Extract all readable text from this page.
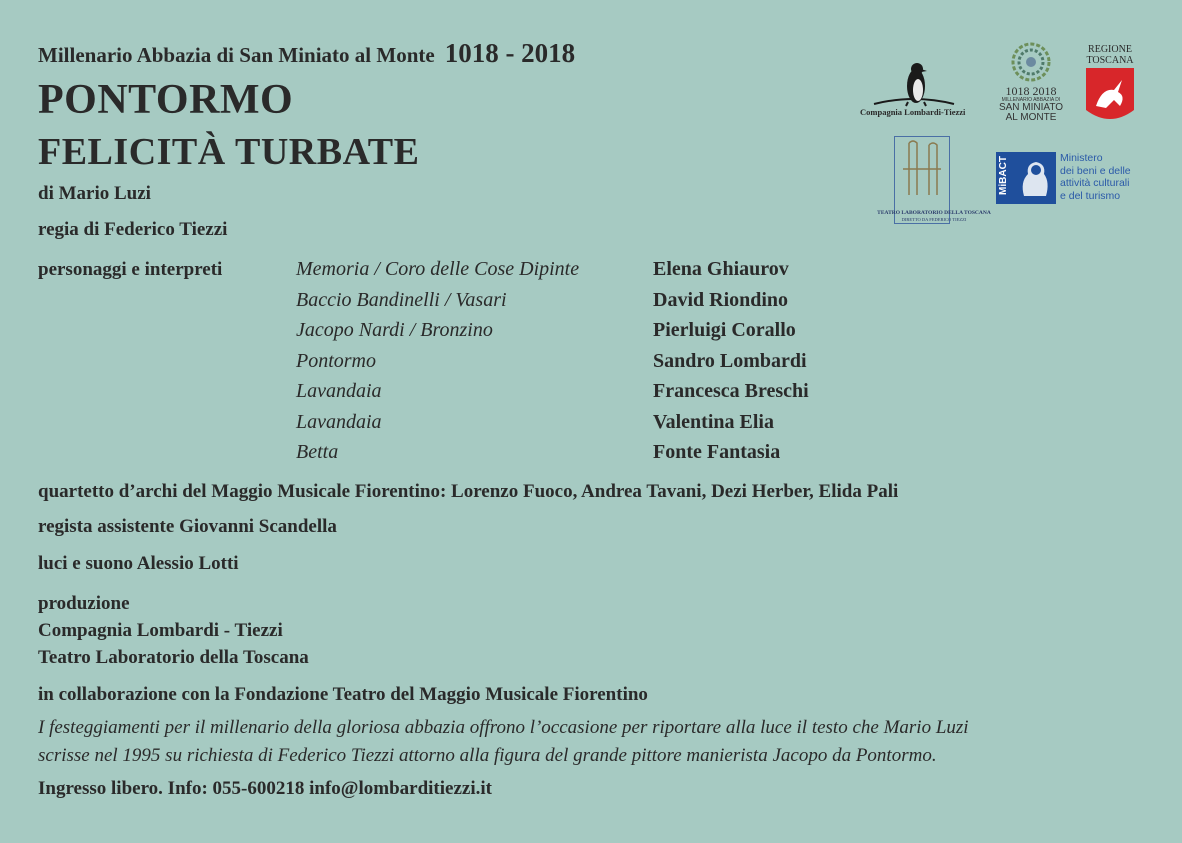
Millenario Abbazia di San Miniato al Monte 1018 - 2018
PONTORMO
FELICITÀ TURBATE
di Mario Luzi
regia di Federico Tiezzi
personaggi e interpreti	Memoria / Coro delle Cose Dipinte	Elena Ghiaurov
Baccio Bandinelli / Vasari	David Riondino
Jacopo Nardi / Bronzino	Pierluigi Corallo
Pontormo	Sandro Lombardi
Lavandaia	Francesca Breschi
Lavandaia	Valentina Elia
Betta	Fonte Fantasia
quartetto d’archi del Maggio Musicale Fiorentino: Lorenzo Fuoco, Andrea Tavani, Dezi Herber, Elida Pali
regista assistente Giovanni Scandella
luci e suono Alessio Lotti
produzione
Compagnia Lombardi - Tiezzi
Teatro Laboratorio della Toscana
in collaborazione con la Fondazione Teatro del Maggio Musicale Fiorentino
I festeggiamenti per il millenario della gloriosa abbazia offrono l’occasione per riportare alla luce il testo che Mario Luzi
scrisse nel 1995 su richiesta di Federico Tiezzi attorno alla figura del grande pittore manierista Jacopo da Pontormo.
Ingresso libero. Info: 055-600218 info@lombarditiezzi.it
Compagnia Lombardi-Tiezzi
1018 2018
MILLENARIO ABBAZIA DI
SAN MINIATO
AL MONTE
REGIONE
TOSCANA
TEATRO LABORATORIO DELLA TOSCANA
DIRETTO DA FEDERICO TIEZZI
MiBACT	Ministero
dei beni e delle
attività culturali
e del turismo
